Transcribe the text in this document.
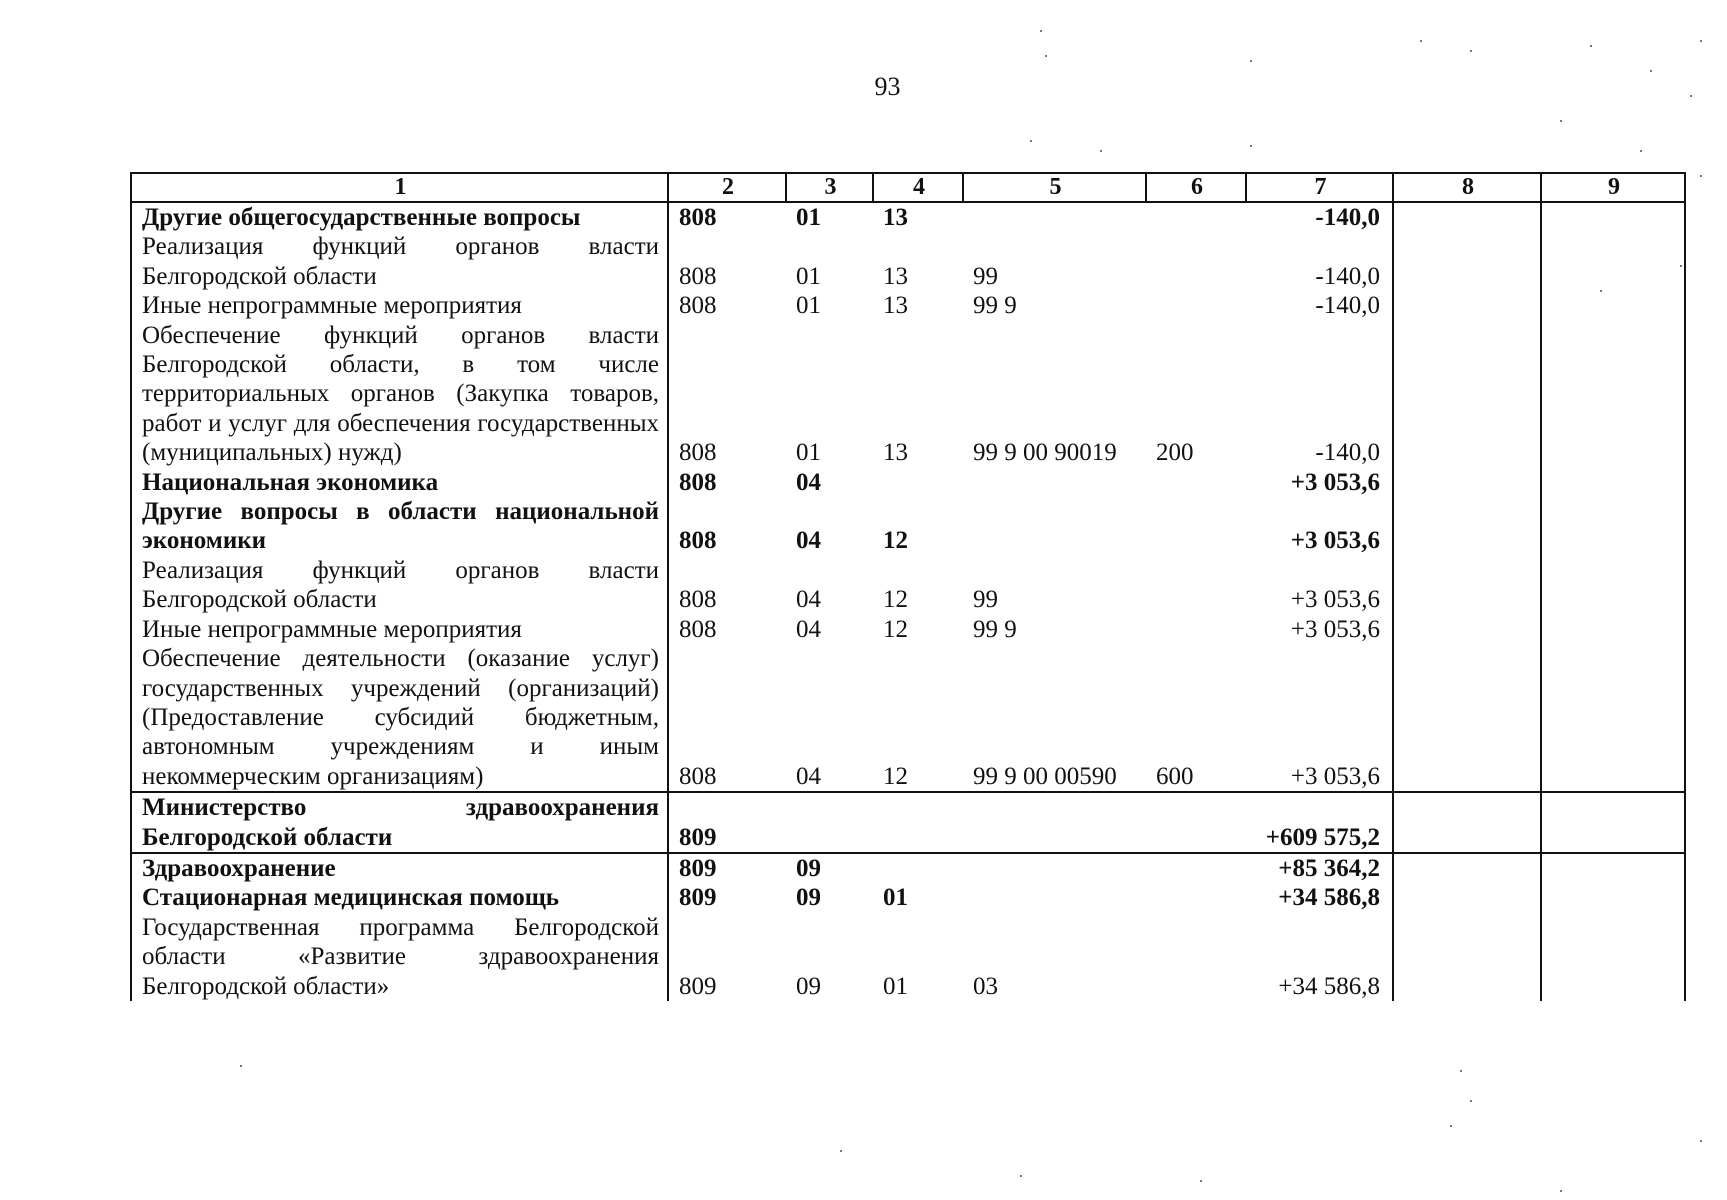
93
1	2	3	4	5	6	7	8	9
Другие общегосударственные вопросы	808	01	13			-140,0		
Реализация функций органов власти Белгородской области	808	01	13	99		-140,0		
Иные непрограммные мероприятия	808	01	13	99 9		-140,0		
Обеспечение функций органов власти Белгородской области, в том числе территориальных органов (Закупка товаров, работ и услуг для обеспечения государственных (муниципальных) нужд)	808	01	13	99 9 00 90019	200	-140,0		
Национальная экономика	808	04				+3 053,6		
Другие вопросы в области национальной экономики	808	04	12			+3 053,6		
Реализация функций органов власти Белгородской области	808	04	12	99		+3 053,6		
Иные непрограммные мероприятия	808	04	12	99 9		+3 053,6		
Обеспечение деятельности (оказание услуг) государственных учреждений (организаций) (Предоставление субсидий бюджетным, автономным учреждениям и иным некоммерческим организациям)	808	04	12	99 9 00 00590	600	+3 053,6		
Министерство здравоохранения Белгородской области	809					+609 575,2		
Здравоохранение	809	09				+85 364,2		
Стационарная медицинская помощь	809	09	01			+34 586,8		
Государственная программа Белгородской области «Развитие здравоохранения Белгородской области»	809	09	01	03		+34 586,8		
